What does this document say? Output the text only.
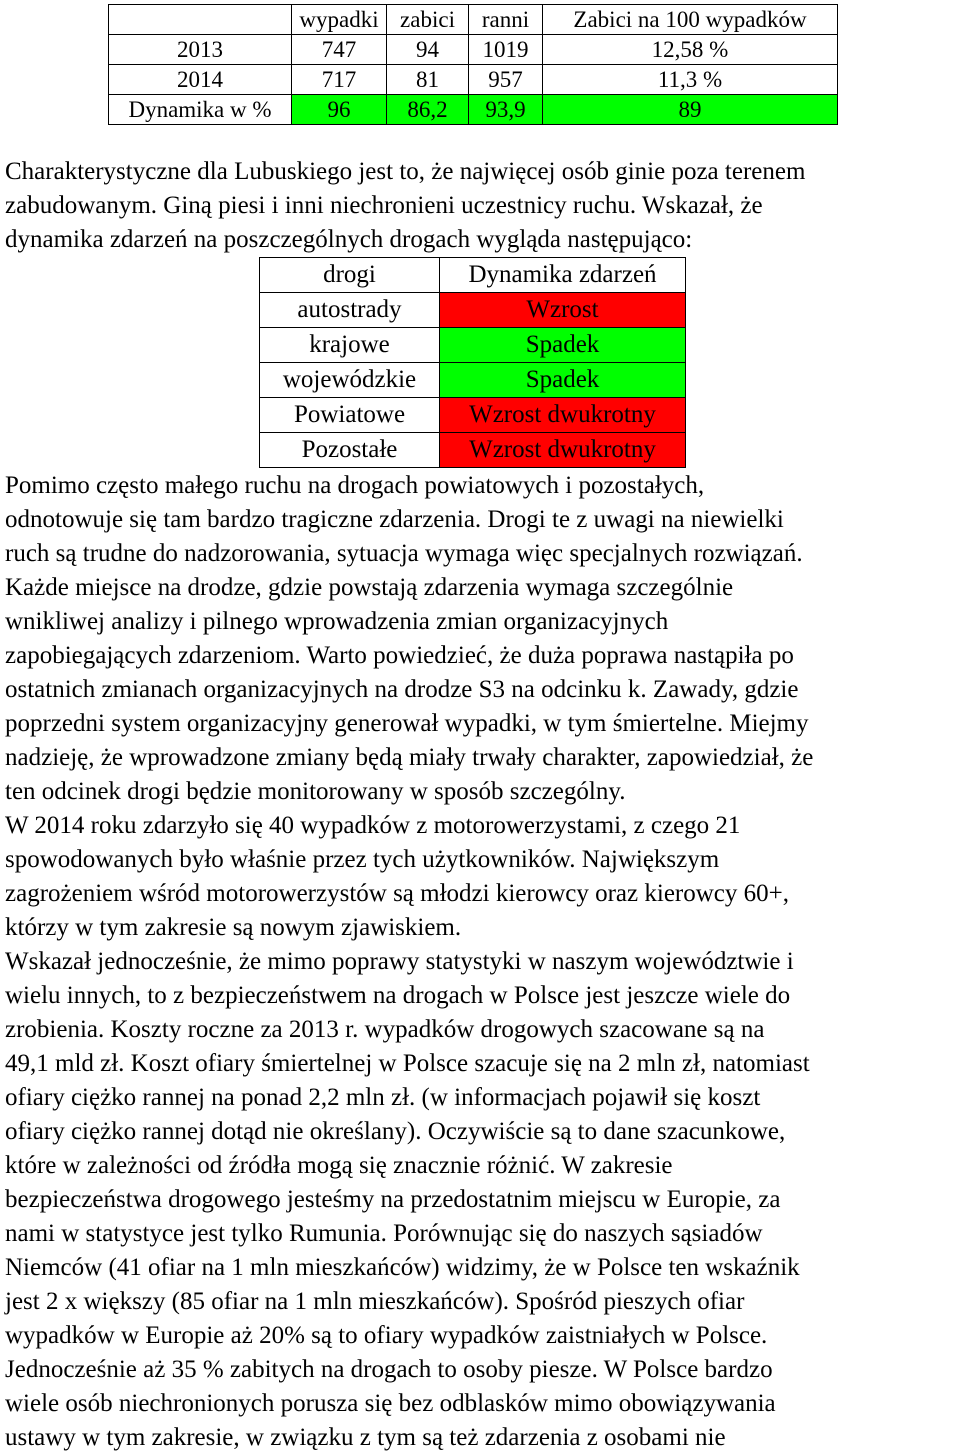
	wypadki	zabici	ranni	Zabici na 100 wypadków
2013	747	94	1019	12,58 %
2014	717	81	957	11,3 %
Dynamika w %	96	86,2	93,9	89
Charakterystyczne dla Lubuskiego jest to, że najwięcej osób ginie poza terenem
zabudowanym. Giną piesi i inni niechronieni uczestnicy ruchu. Wskazał, że
dynamika zdarzeń na poszczególnych drogach wygląda następująco:
drogi	Dynamika zdarzeń
autostrady	Wzrost
krajowe	Spadek
wojewódzkie	Spadek
Powiatowe	Wzrost dwukrotny
Pozostałe	Wzrost dwukrotny
Pomimo często małego ruchu na drogach powiatowych i pozostałych,
odnotowuje się tam bardzo tragiczne zdarzenia. Drogi te z uwagi na niewielki
ruch są trudne do nadzorowania, sytuacja wymaga więc specjalnych rozwiązań.
Każde miejsce na drodze, gdzie powstają zdarzenia wymaga szczególnie
wnikliwej analizy i pilnego wprowadzenia zmian organizacyjnych
zapobiegających zdarzeniom. Warto powiedzieć, że duża poprawa nastąpiła po
ostatnich zmianach organizacyjnych na drodze S3 na odcinku k. Zawady, gdzie
poprzedni system organizacyjny generował wypadki, w tym śmiertelne. Miejmy
nadzieję, że wprowadzone zmiany będą miały trwały charakter, zapowiedział, że
ten odcinek drogi będzie monitorowany w sposób szczególny.
W 2014 roku zdarzyło się 40 wypadków z motorowerzystami, z czego 21
spowodowanych było właśnie przez tych użytkowników. Największym
zagrożeniem wśród motorowerzystów są młodzi kierowcy oraz kierowcy 60+,
którzy w tym zakresie są nowym zjawiskiem.
Wskazał jednocześnie, że mimo poprawy statystyki w naszym województwie i
wielu innych, to z bezpieczeństwem na drogach w Polsce jest jeszcze wiele do
zrobienia. Koszty roczne za 2013 r. wypadków drogowych szacowane są na
49,1 mld zł. Koszt ofiary śmiertelnej w Polsce szacuje się na 2 mln zł, natomiast
ofiary ciężko rannej na ponad 2,2 mln zł. (w informacjach pojawił się koszt
ofiary ciężko rannej dotąd nie określany). Oczywiście są to dane szacunkowe,
które w zależności od źródła mogą się znacznie różnić. W zakresie
bezpieczeństwa drogowego jesteśmy na przedostatnim miejscu w Europie, za
nami w statystyce jest tylko Rumunia. Porównując się do naszych sąsiadów
Niemców (41 ofiar na 1 mln mieszkańców) widzimy, że w Polsce ten wskaźnik
jest 2 x większy (85 ofiar na 1 mln mieszkańców). Spośród pieszych ofiar
wypadków w Europie aż 20% są to ofiary wypadków zaistniałych w Polsce.
Jednocześnie aż 35 % zabitych na drogach to osoby piesze. W Polsce bardzo
wiele osób niechronionych porusza się bez odblasków mimo obowiązywania
ustawy w tym zakresie, w związku z tym są też zdarzenia z osobami nie
